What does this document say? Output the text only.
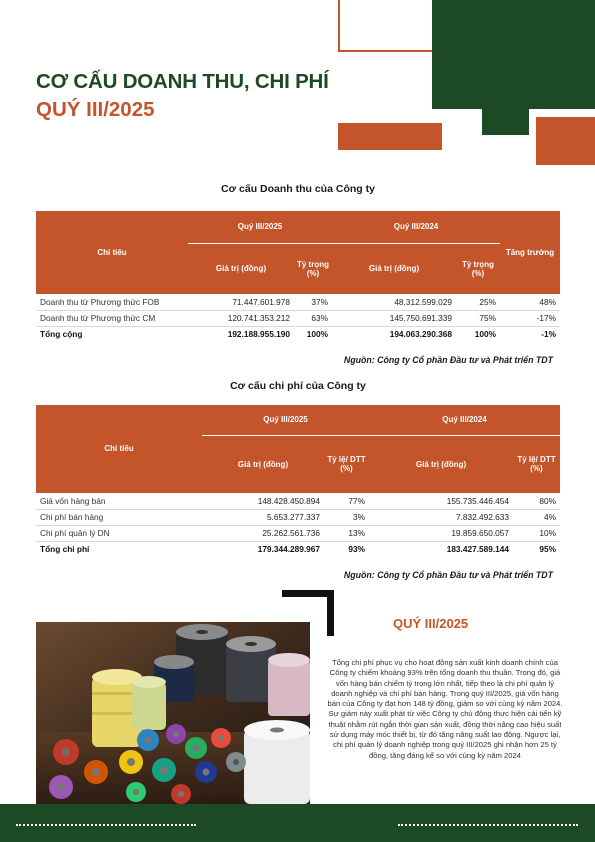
CƠ CẤU DOANH THU, CHI PHÍ
QUÝ III/2025
Cơ cấu Doanh thu của Công ty
Chỉ tiêu	Quý III/2025		Quý III/2024		Tăng trưởng
	Giá trị (đồng)	Tỷ trọng (%)	Giá trị (đồng)	Tỷ trọng (%)	
Doanh thu từ Phương thức FOB	71.447.601.978	37%	48.312.599.029	25%	48%
Doanh thu từ Phương thức CM	120.741.353.212	63%	145.750.691.339	75%	-17%
Tổng cộng	192.188.955.190	100%	194.063.290.368	100%	-1%
Nguồn: Công ty Cổ phần Đầu tư và Phát triển TDT
Cơ cấu chi phí của Công ty
Chỉ tiêu	Quý III/2025		Quý III/2024	
	Giá trị (đồng)	Tỷ lệ/ DTT (%)	Giá trị (đồng)	Tỷ lệ/ DTT (%)
Giá vốn hàng bán	148.428.450.894	77%	155.735.446.454	80%
Chi phí bán hàng	5.653.277.337	3%	7.832.492.633	4%
Chi phí quản lý DN	25.262.561.736	13%	19.859.650.057	10%
Tổng chi phí	179.344.289.967	93%	183.427.589.144	95%
Nguồn: Công ty Cổ phần Đầu tư và Phát triển TDT
QUÝ III/2025
Tổng chi phí phục vụ cho hoạt động sản xuất kinh doanh chính của Công ty chiếm khoảng 93% trên tổng doanh thu thuần. Trong đó, giá vốn hàng bán chiếm tỷ trọng lớn nhất, tiếp theo là chi phí quản lý doanh nghiệp và chi phí bán hàng. Trong quý III/2025, giá vốn hàng bán của Công ty đạt hơn 148 tỷ đồng, giảm so với cùng kỳ năm 2024. Sự giảm này xuất phát từ việc Công ty chủ động thực hiện cải tiến kỹ thuật nhằm rút ngắn thời gian sản xuất, đồng thời nâng cao hiệu suất sử dụng máy móc thiết bị, từ đó tăng năng suất lao động. Ngược lại, chi phí quản lý doanh nghiệp trong quý III/2025 ghi nhận hơn 25 tỷ đồng, tăng đáng kể so với cùng kỳ năm 2024
